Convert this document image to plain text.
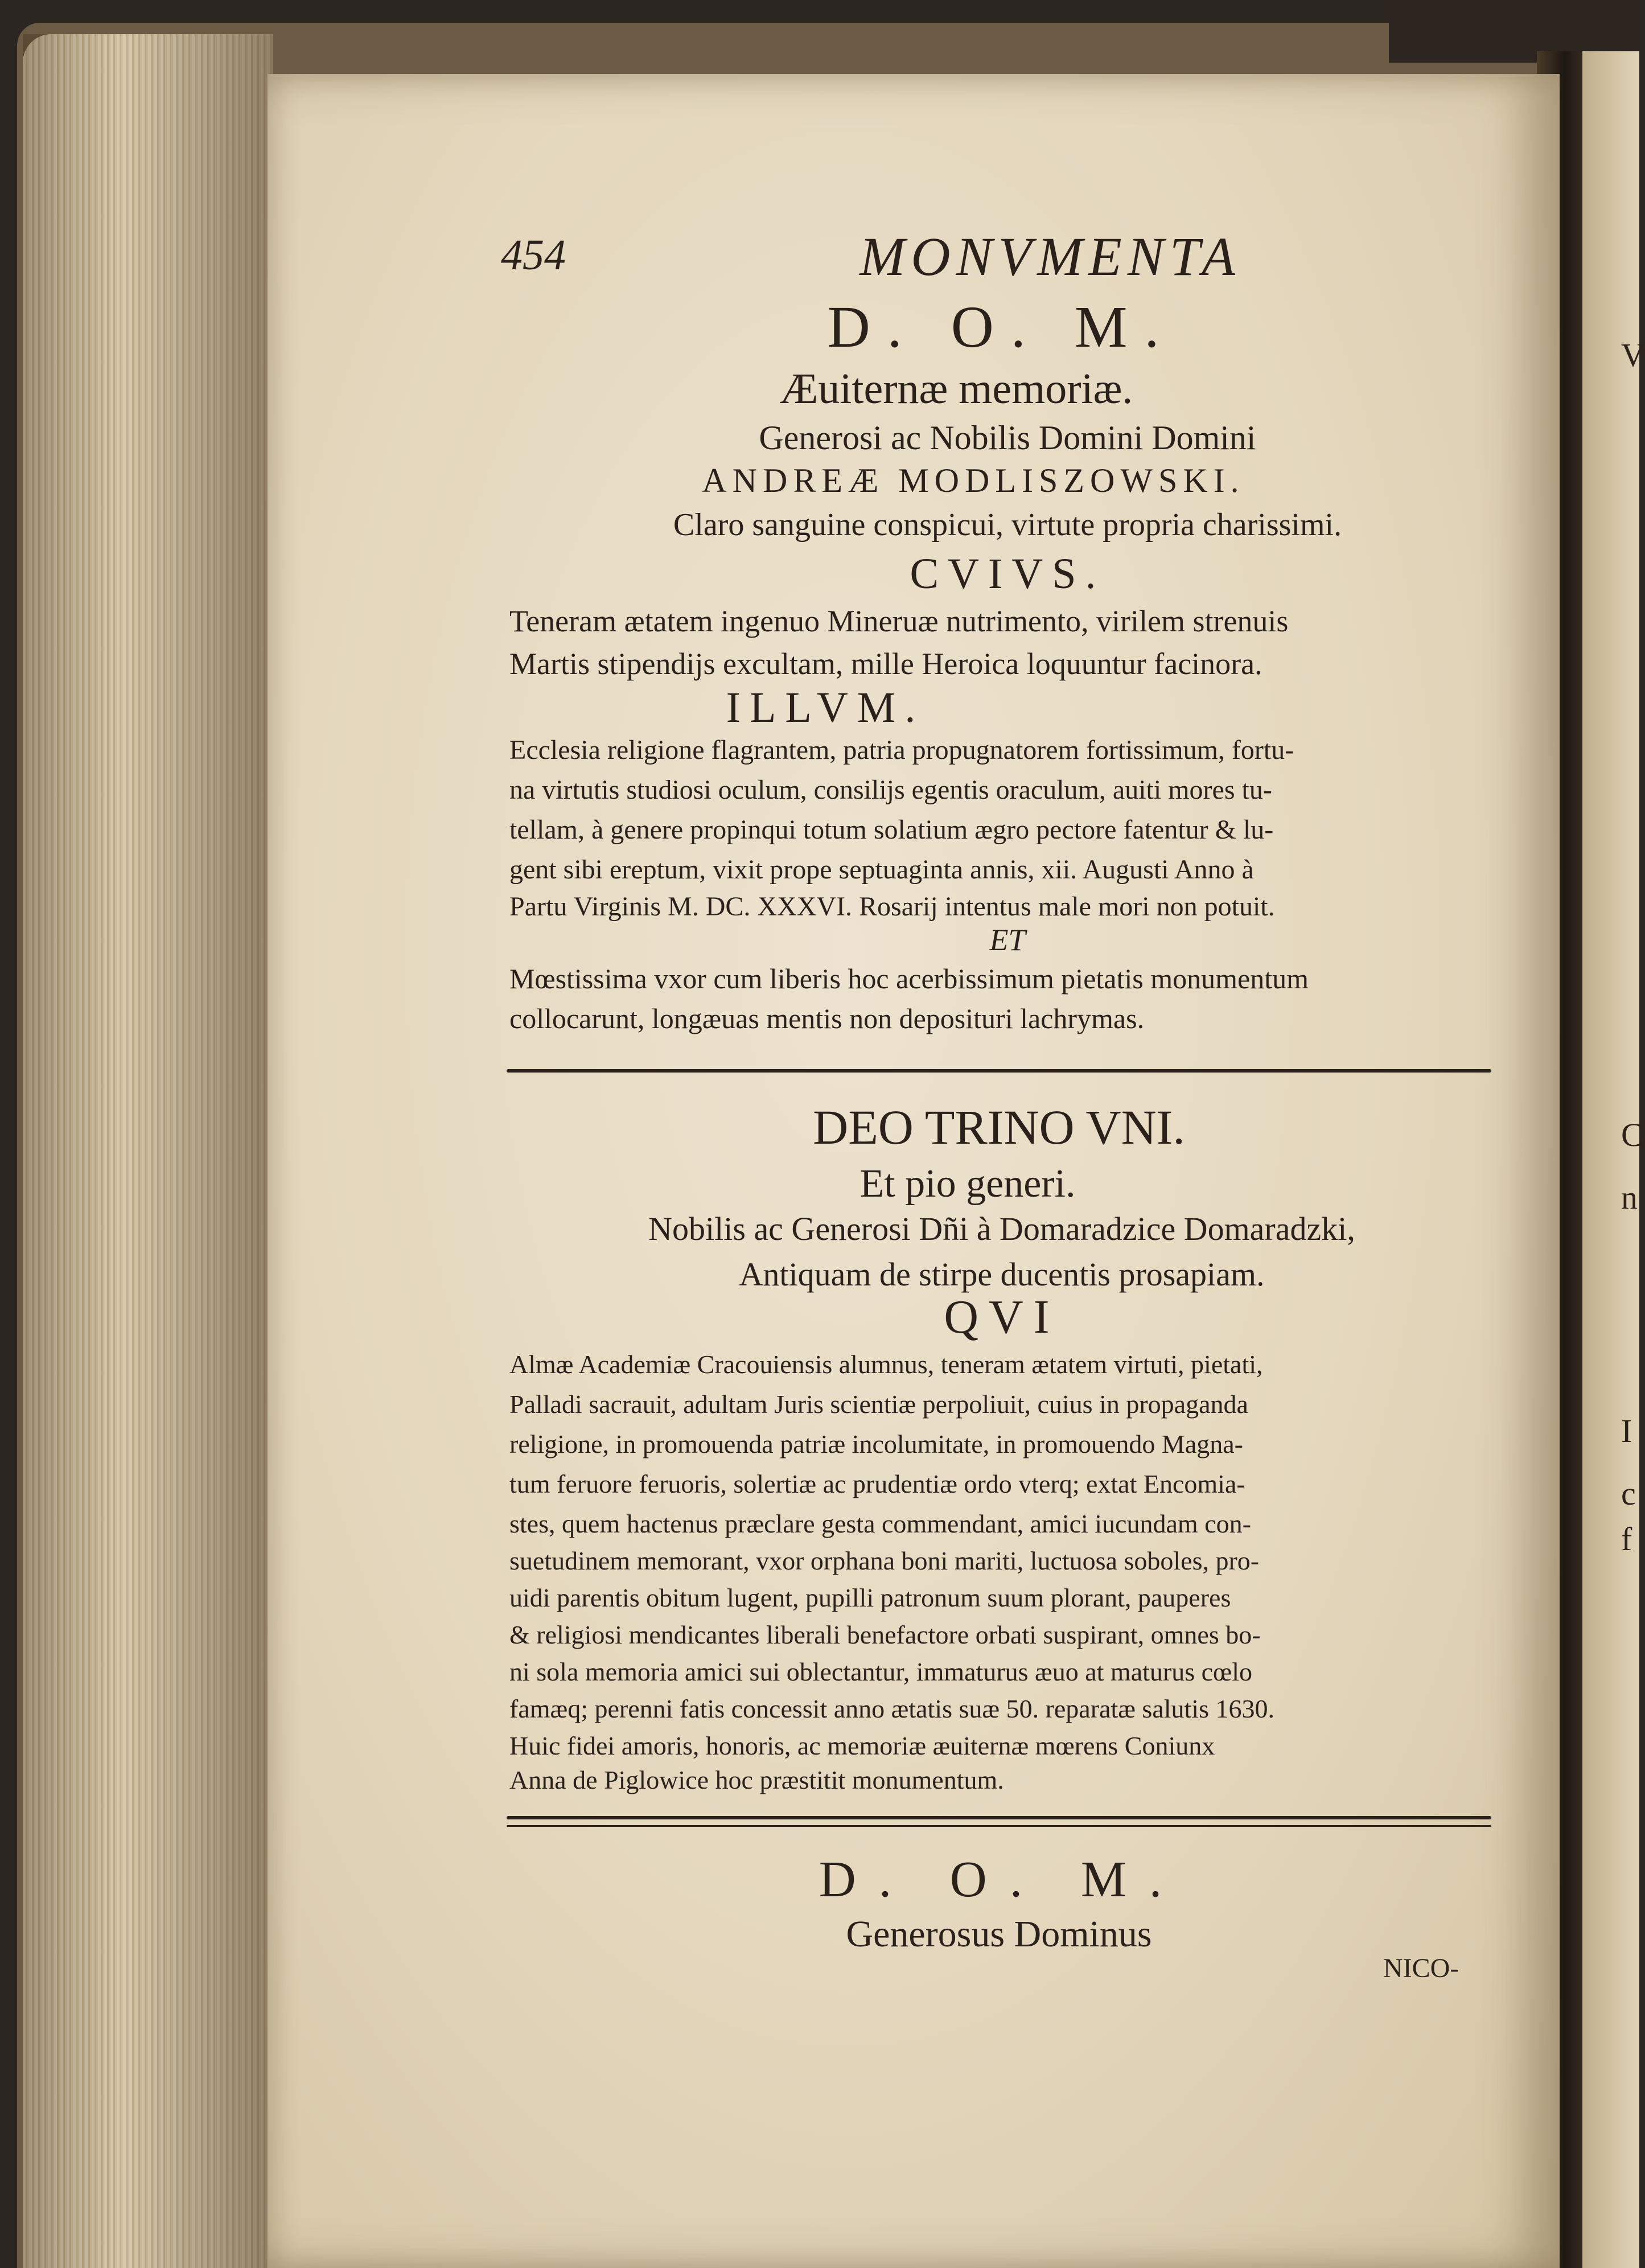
V
C
n
I
c
f
454	MONVMENTA
D. O. M.
Æuiternæ memoriæ.
Generosi ac Nobilis Domini Domini
ANDREÆ MODLISZOWSKI.
Claro sanguine conspicui, virtute propria charissimi.
CVIVS.
Teneram ætatem ingenuo Mineruæ nutrimento, virilem strenuis
Martis stipendijs excultam, mille Heroica loquuntur facinora.
ILLVM.
Ecclesia religione flagrantem, patria propugnatorem fortissimum, fortu-
na virtutis studiosi oculum, consilijs egentis oraculum, auiti mores tu-
tellam, à genere propinqui totum solatium ægro pectore fatentur & lu-
gent sibi ereptum, vixit prope septuaginta annis, xii. Augusti Anno à
Partu Virginis M. DC. XXXVI. Rosarij intentus male mori non potuit.
ET
Mœstissima vxor cum liberis hoc acerbissimum pietatis monumentum
collocarunt, longæuas mentis non deposituri lachrymas.
DEO TRINO VNI.
Et pio generi.
Nobilis ac Generosi Dñi à Domaradzice Domaradzki,
Antiquam de stirpe ducentis prosapiam.
QVI
Almæ Academiæ Cracouiensis alumnus, teneram ætatem virtuti, pietati,
Palladi sacrauit, adultam Juris scientiæ perpoliuit, cuius in propaganda
religione, in promouenda patriæ incolumitate, in promouendo Magna-
tum feruore feruoris, solertiæ ac prudentiæ ordo vterq; extat Encomia-
stes, quem hactenus præclare gesta commendant, amici iucundam con-
suetudinem memorant, vxor orphana boni mariti, luctuosa soboles, pro-
uidi parentis obitum lugent, pupilli patronum suum plorant, pauperes
& religiosi mendicantes liberali benefactore orbati suspirant, omnes bo-
ni sola memoria amici sui oblectantur, immaturus æuo at maturus cœlo
famæq; perenni fatis concessit anno ætatis suæ 50. reparatæ salutis 1630.
Huic fidei amoris, honoris, ac memoriæ æuiternæ mœrens Coniunx
Anna de Piglowice hoc præstitit monumentum.
D. O. M.
Generosus Dominus
NICO-
